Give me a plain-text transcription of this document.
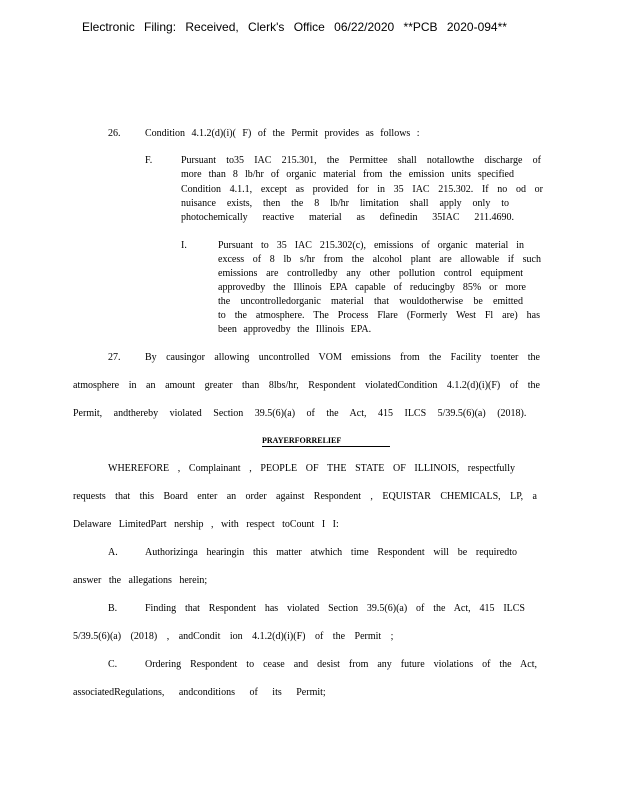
Electronic Filing: Received, Clerk's Office 06/22/2020 **PCB 2020-094**
26. Condition 4.1.2(d)(i)( F) of the Permit provides as follows :
F.	Pursuant to35 IAC 215.301, the Permittee shall notallowthe discharge of
more than 8 lb/hr of organic material from the emission units specified
Condition 4.1.1, except as provided for in 35 IAC 215.302. If no od or
nuisance exists, then the 8 lb/hr limitation shall apply only to
photochemically reactive material as definedin 35IAC 211.4690.
I.	Pursuant to 35 IAC 215.302(c), emissions of organic material in
excess of 8 lb s/hr from the alcohol plant are allowable if such
emissions are controlledby any other pollution control equipment
approvedby the Illinois EPA capable of reducingby 85% or more
the uncontrolledorganic material that wouldotherwise be emitted
to the atmosphere. The Process Flare (Formerly West Fl are) has
been approvedby the Illinois EPA.
27. By causingor allowing uncontrolled VOM emissions from the Facility toenter the
atmosphere in an amount greater than 8lbs/hr, Respondent violatedCondition 4.1.2(d)(i)(F) of the
Permit, andthereby violated Section 39.5(6)(a) of the Act, 415 ILCS 5/39.5(6)(a) (2018).
PRAYERFORRELIEF
WHEREFORE , Complainant , PEOPLE OF THE STATE OF ILLINOIS, respectfully
requests that this Board enter an order against Respondent , EQUISTAR CHEMICALS, LP, a
Delaware LimitedPart nership , with respect toCount I I:
A.	Authorizinga hearingin this matter atwhich time Respondent will be requiredto
answer the allegations herein;
B.	Finding that Respondent has violated Section 39.5(6)(a) of the Act, 415 ILCS
5/39.5(6)(a) (2018) , andCondit ion 4.1.2(d)(i)(F) of the Permit ;
C.	Ordering Respondent to cease and desist from any future violations of the Act,
associatedRegulations, andconditions of its Permit;
